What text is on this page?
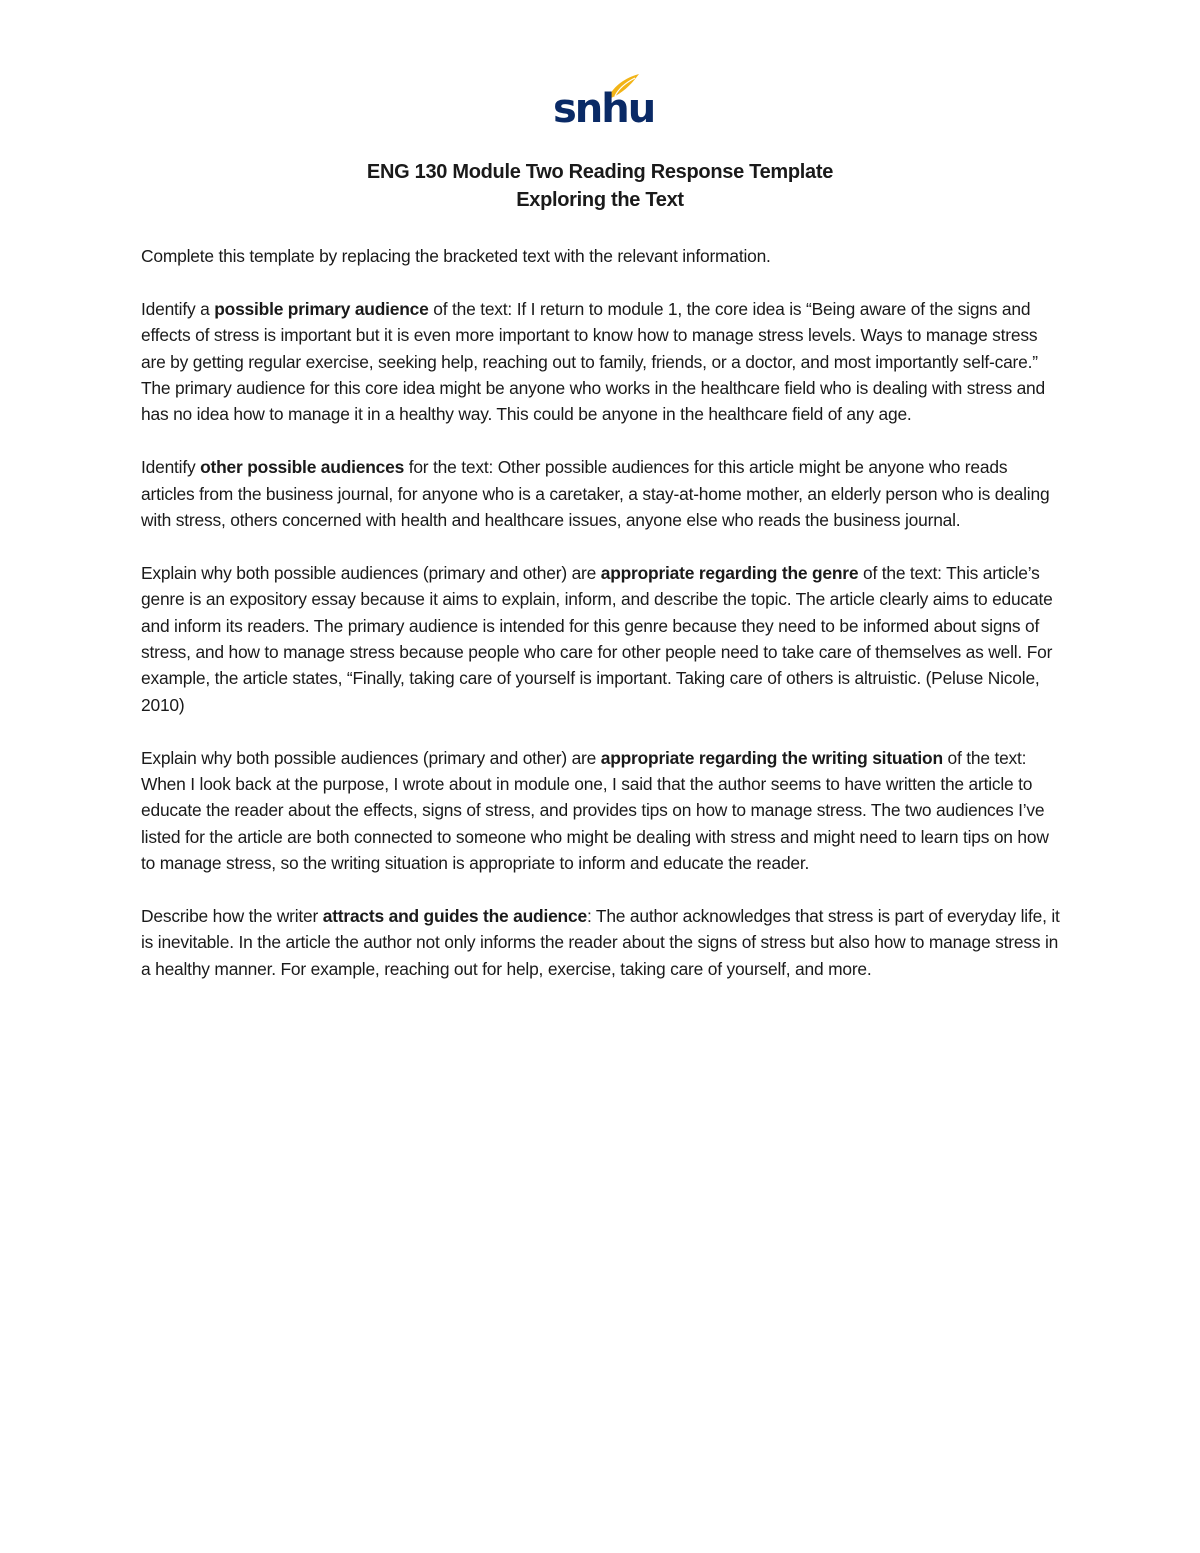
snhu
ENG 130 Module Two Reading Response Template
Exploring the Text

Complete this template by replacing the bracketed text with the relevant information.

Identify a possible primary audience of the text: If I return to module 1, the core idea is “Being aware of the signs and effects of stress is important but it is even more important to know how to manage stress levels. Ways to manage stress are by getting regular exercise, seeking help, reaching out to family, friends, or a doctor, and most importantly self-care.” The primary audience for this core idea might be anyone who works in the healthcare field who is dealing with stress and has no idea how to manage it in a healthy way. This could be anyone in the healthcare field of any age.

Identify other possible audiences for the text: Other possible audiences for this article might be anyone who reads articles from the business journal, for anyone who is a caretaker, a stay-at-home mother, an elderly person who is dealing with stress, others concerned with health and healthcare issues, anyone else who reads the business journal.

Explain why both possible audiences (primary and other) are appropriate regarding the genre of the text: This article’s genre is an expository essay because it aims to explain, inform, and describe the topic. The article clearly aims to educate and inform its readers. The primary audience is intended for this genre because they need to be informed about signs of stress, and how to manage stress because people who care for other people need to take care of themselves as well. For example, the article states, “Finally, taking care of yourself is important. Taking care of others is altruistic. (Peluse Nicole, 2010)

Explain why both possible audiences (primary and other) are appropriate regarding the writing situation of the text: When I look back at the purpose, I wrote about in module one, I said that the author seems to have written the article to educate the reader about the effects, signs of stress, and provides tips on how to manage stress. The two audiences I’ve listed for the article are both connected to someone who might be dealing with stress and might need to learn tips on how to manage stress, so the writing situation is appropriate to inform and educate the reader.

Describe how the writer attracts and guides the audience: The author acknowledges that stress is part of everyday life, it is inevitable. In the article the author not only informs the reader about the signs of stress but also how to manage stress in a healthy manner. For example, reaching out for help, exercise, taking care of yourself, and more.
